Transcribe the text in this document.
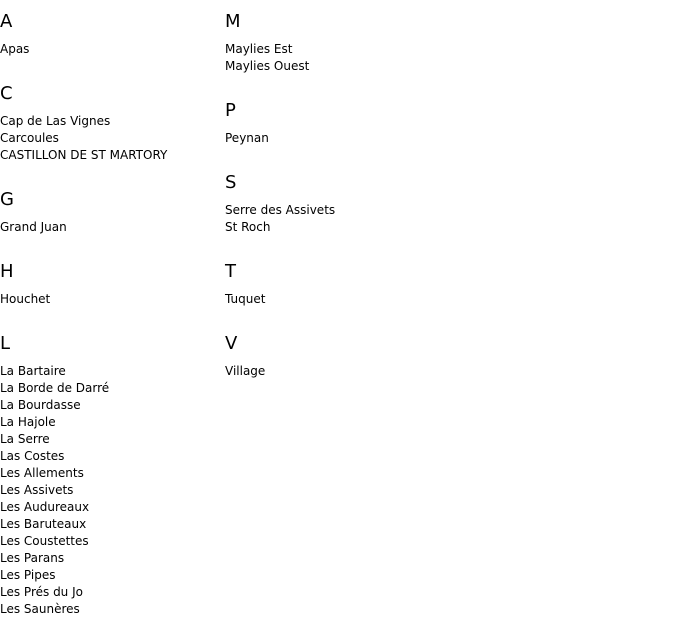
A
Apas
C
Cap de Las Vignes
Carcoules
CASTILLON DE ST MARTORY
G
Grand Juan
H
Houchet
L
La Bartaire
La Borde de Darré
La Bourdasse
La Hajole
La Serre
Las Costes
Les Allements
Les Assivets
Les Audureaux
Les Baruteaux
Les Coustettes
Les Parans
Les Pipes
Les Prés du Jo
Les Saunères
M
Maylies Est
Maylies Ouest
P
Peynan
S
Serre des Assivets
St Roch
T
Tuquet
V
Village
